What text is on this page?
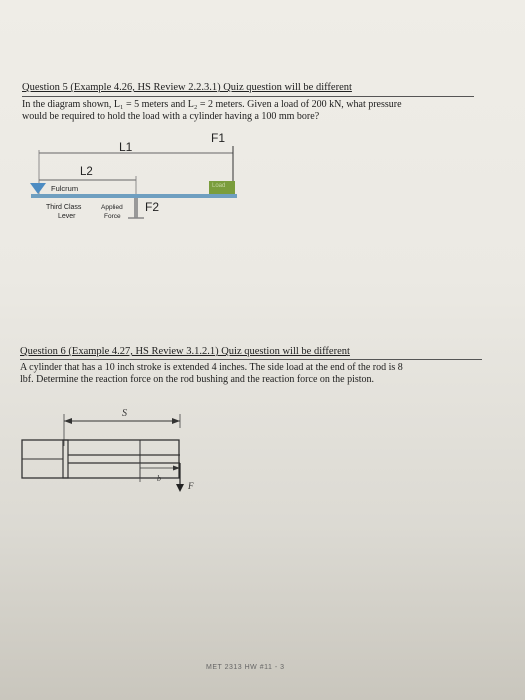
Question 5 (Example 4.26, HS Review 2.2.3.1) Quiz question will be different
In the diagram shown, L₁ = 5 meters and L₂ = 2 meters. Given a load of 200 kN, what pressure
would be required to hold the load with a cylinder having a 100 mm bore?
L1
F1
L2
Fulcrum	Load
Third Class
Lever
Applied
Force
F2
Question 6 (Example 4.27, HS Review 3.1.2.1) Quiz question will be different
A cylinder that has a 10 inch stroke is extended 4 inches. The side load at the end of the rod is 8
lbf. Determine the reaction force on the rod bushing and the reaction force on the piston.
S
b
F
MET 2313 HW #11 - 3
